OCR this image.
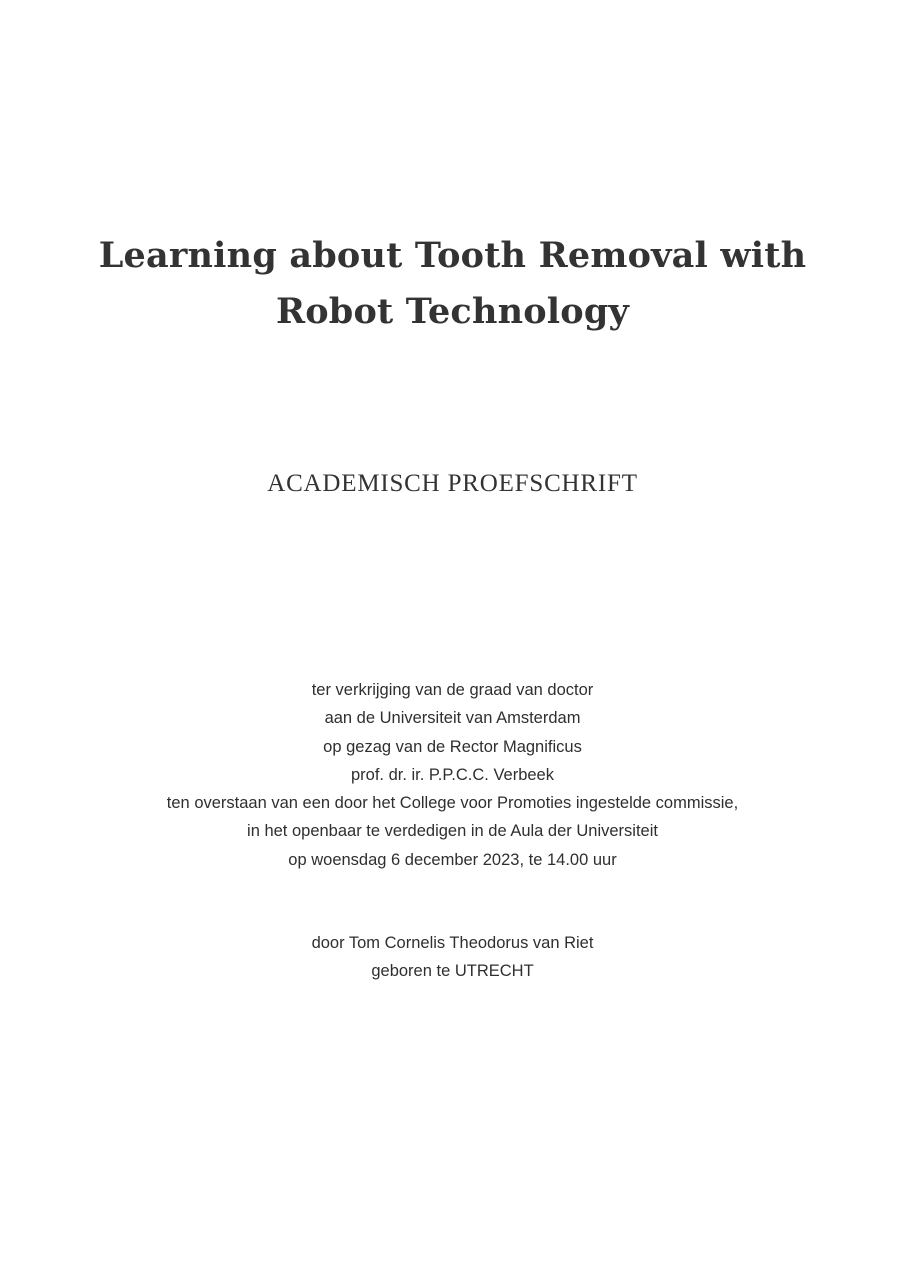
Learning about Tooth Removal with
Robot Technology
ACADEMISCH PROEFSCHRIFT
ter verkrijging van de graad van doctor
aan de Universiteit van Amsterdam
op gezag van de Rector Magnificus
prof. dr. ir. P.P.C.C. Verbeek
ten overstaan van een door het College voor Promoties ingestelde commissie,
in het openbaar te verdedigen in de Aula der Universiteit
op woensdag 6 december 2023, te 14.00 uur
door Tom Cornelis Theodorus van Riet
geboren te UTRECHT
